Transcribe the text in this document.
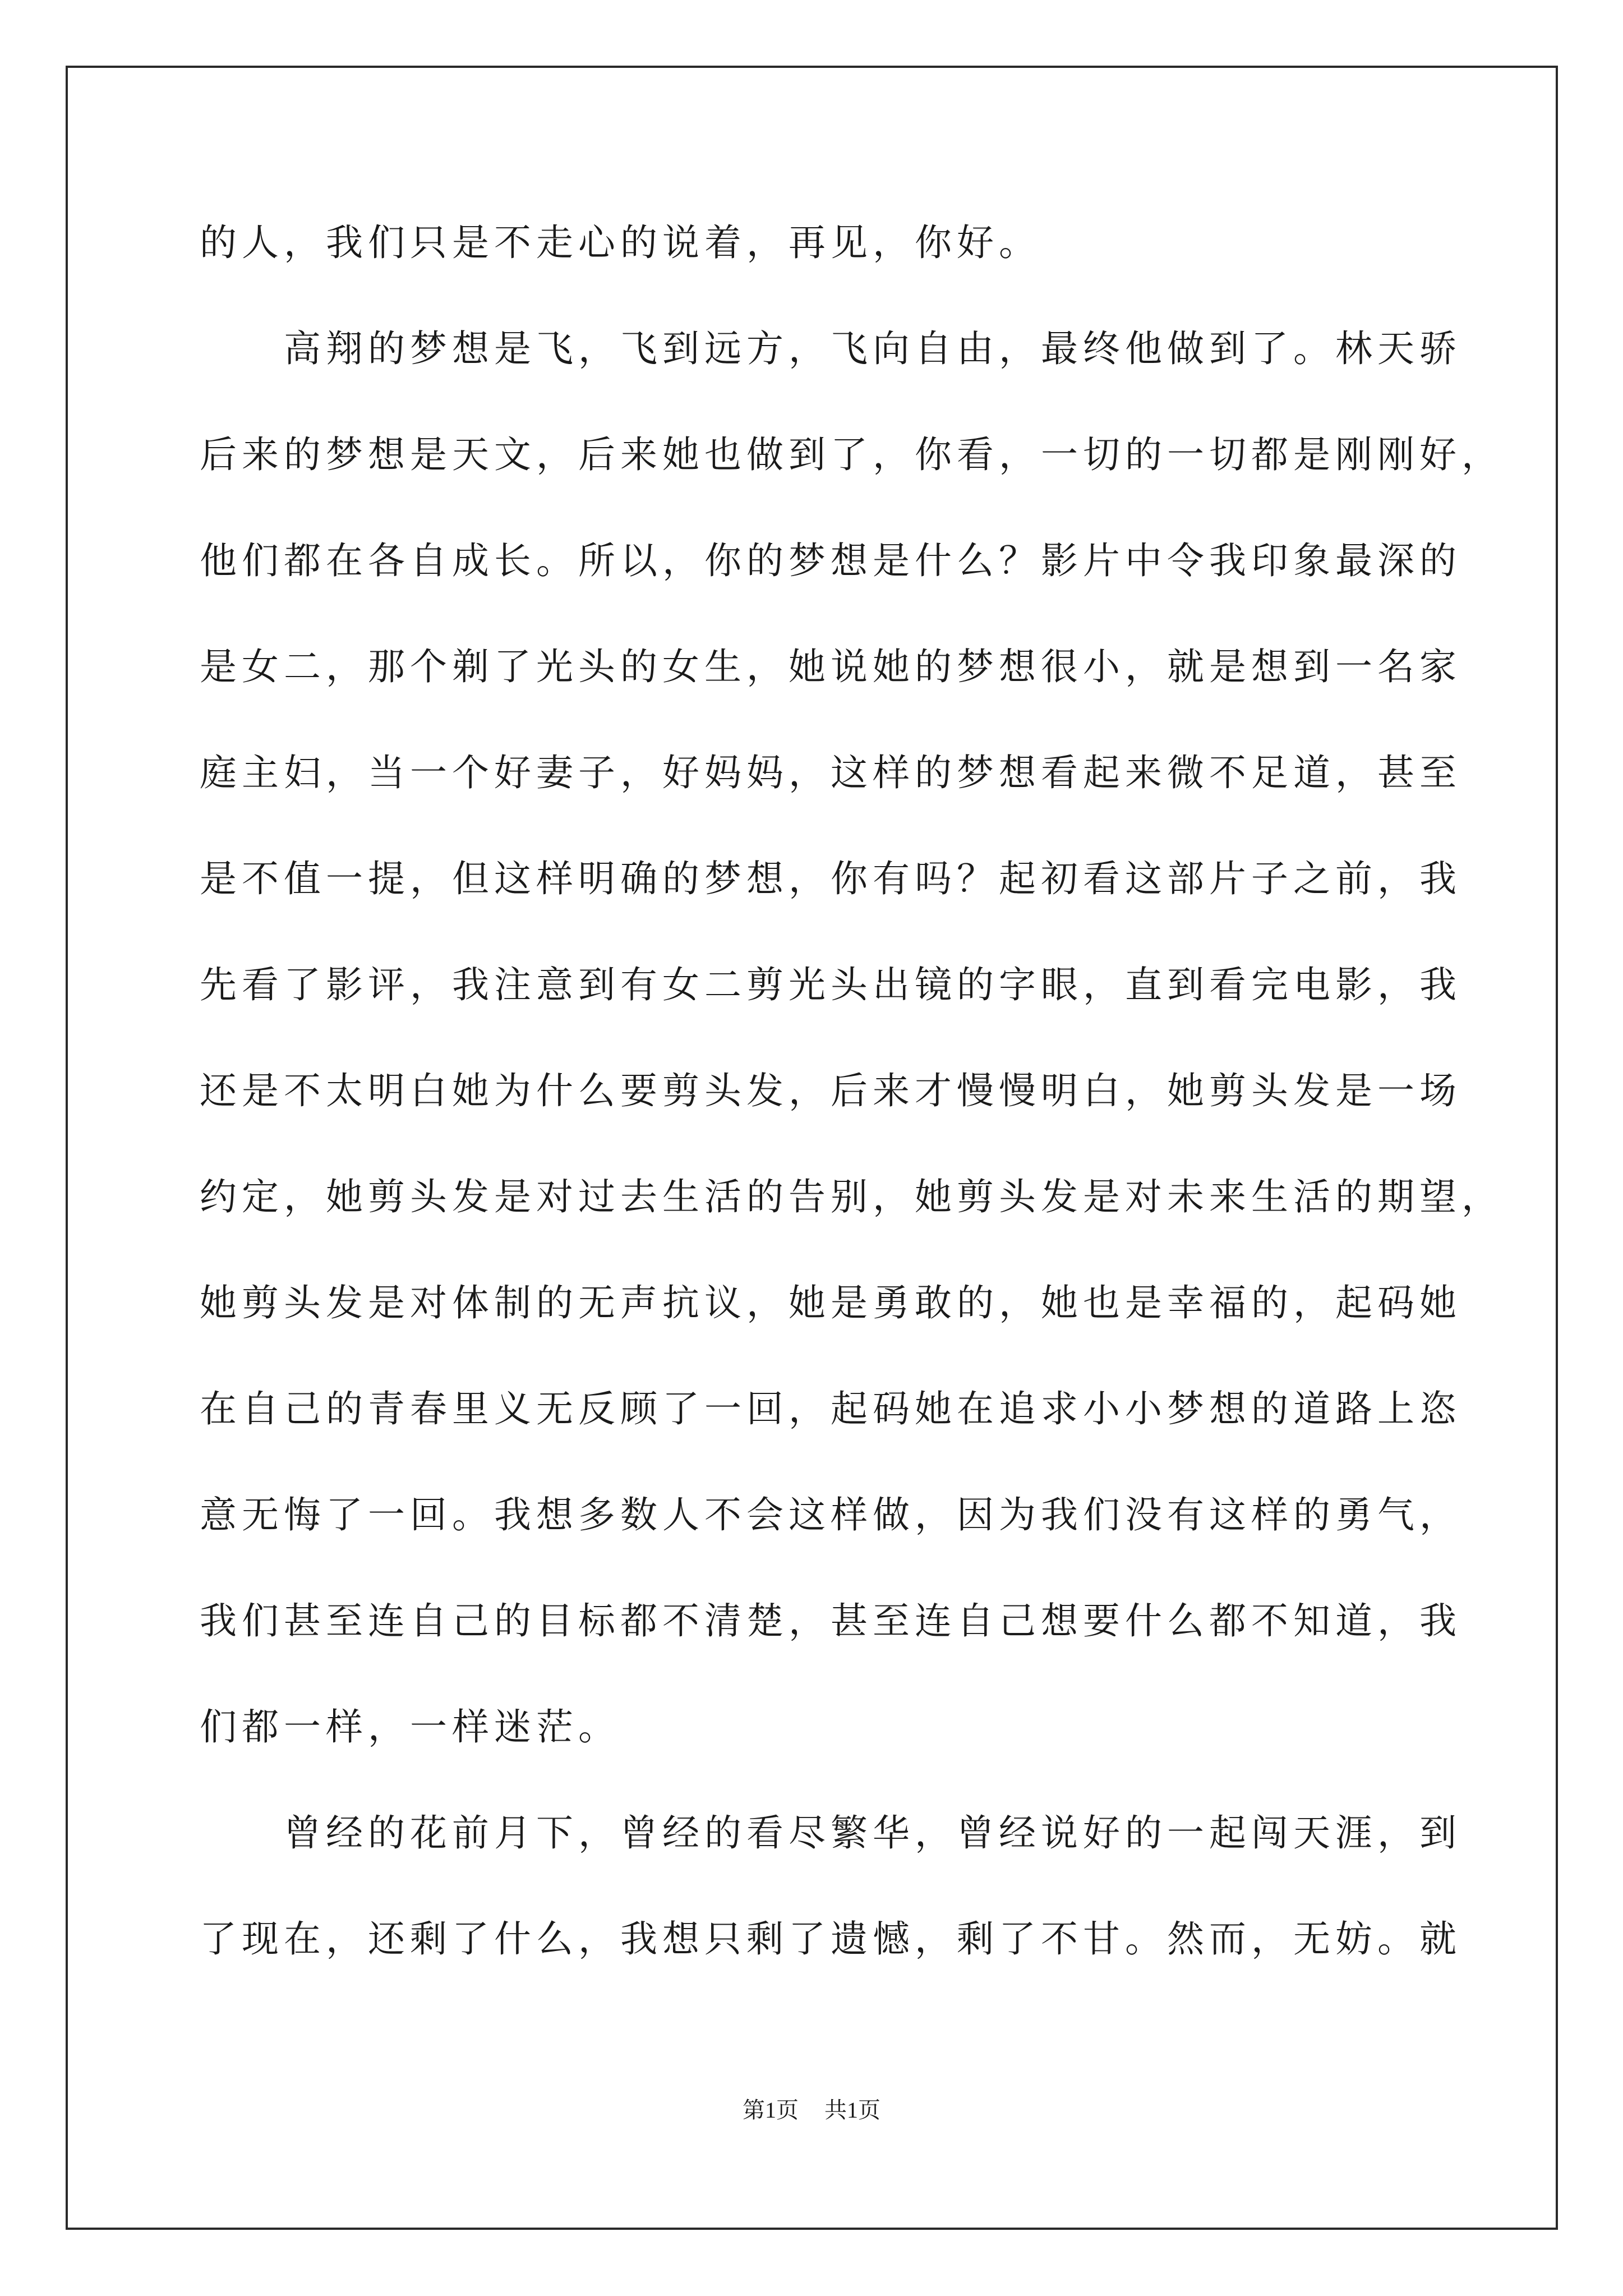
的人，我们只是不走心的说着，再见，你好。
　　高翔的梦想是飞，飞到远方，飞向自由，最终他做到了。林天骄
后来的梦想是天文，后来她也做到了，你看，一切的一切都是刚刚好，
他们都在各自成长。所以，你的梦想是什么？影片中令我印象最深的
是女二，那个剃了光头的女生，她说她的梦想很小，就是想到一名家
庭主妇，当一个好妻子，好妈妈，这样的梦想看起来微不足道，甚至
是不值一提，但这样明确的梦想，你有吗？起初看这部片子之前，我
先看了影评，我注意到有女二剪光头出镜的字眼，直到看完电影，我
还是不太明白她为什么要剪头发，后来才慢慢明白，她剪头发是一场
约定，她剪头发是对过去生活的告别，她剪头发是对未来生活的期望，
她剪头发是对体制的无声抗议，她是勇敢的，她也是幸福的，起码她
在自己的青春里义无反顾了一回，起码她在追求小小梦想的道路上恣
意无悔了一回。我想多数人不会这样做，因为我们没有这样的勇气，
我们甚至连自己的目标都不清楚，甚至连自己想要什么都不知道，我
们都一样，一样迷茫。
　　曾经的花前月下，曾经的看尽繁华，曾经说好的一起闯天涯，到
了现在，还剩了什么，我想只剩了遗憾，剩了不甘。然而，无妨。就
第1页 共1页
